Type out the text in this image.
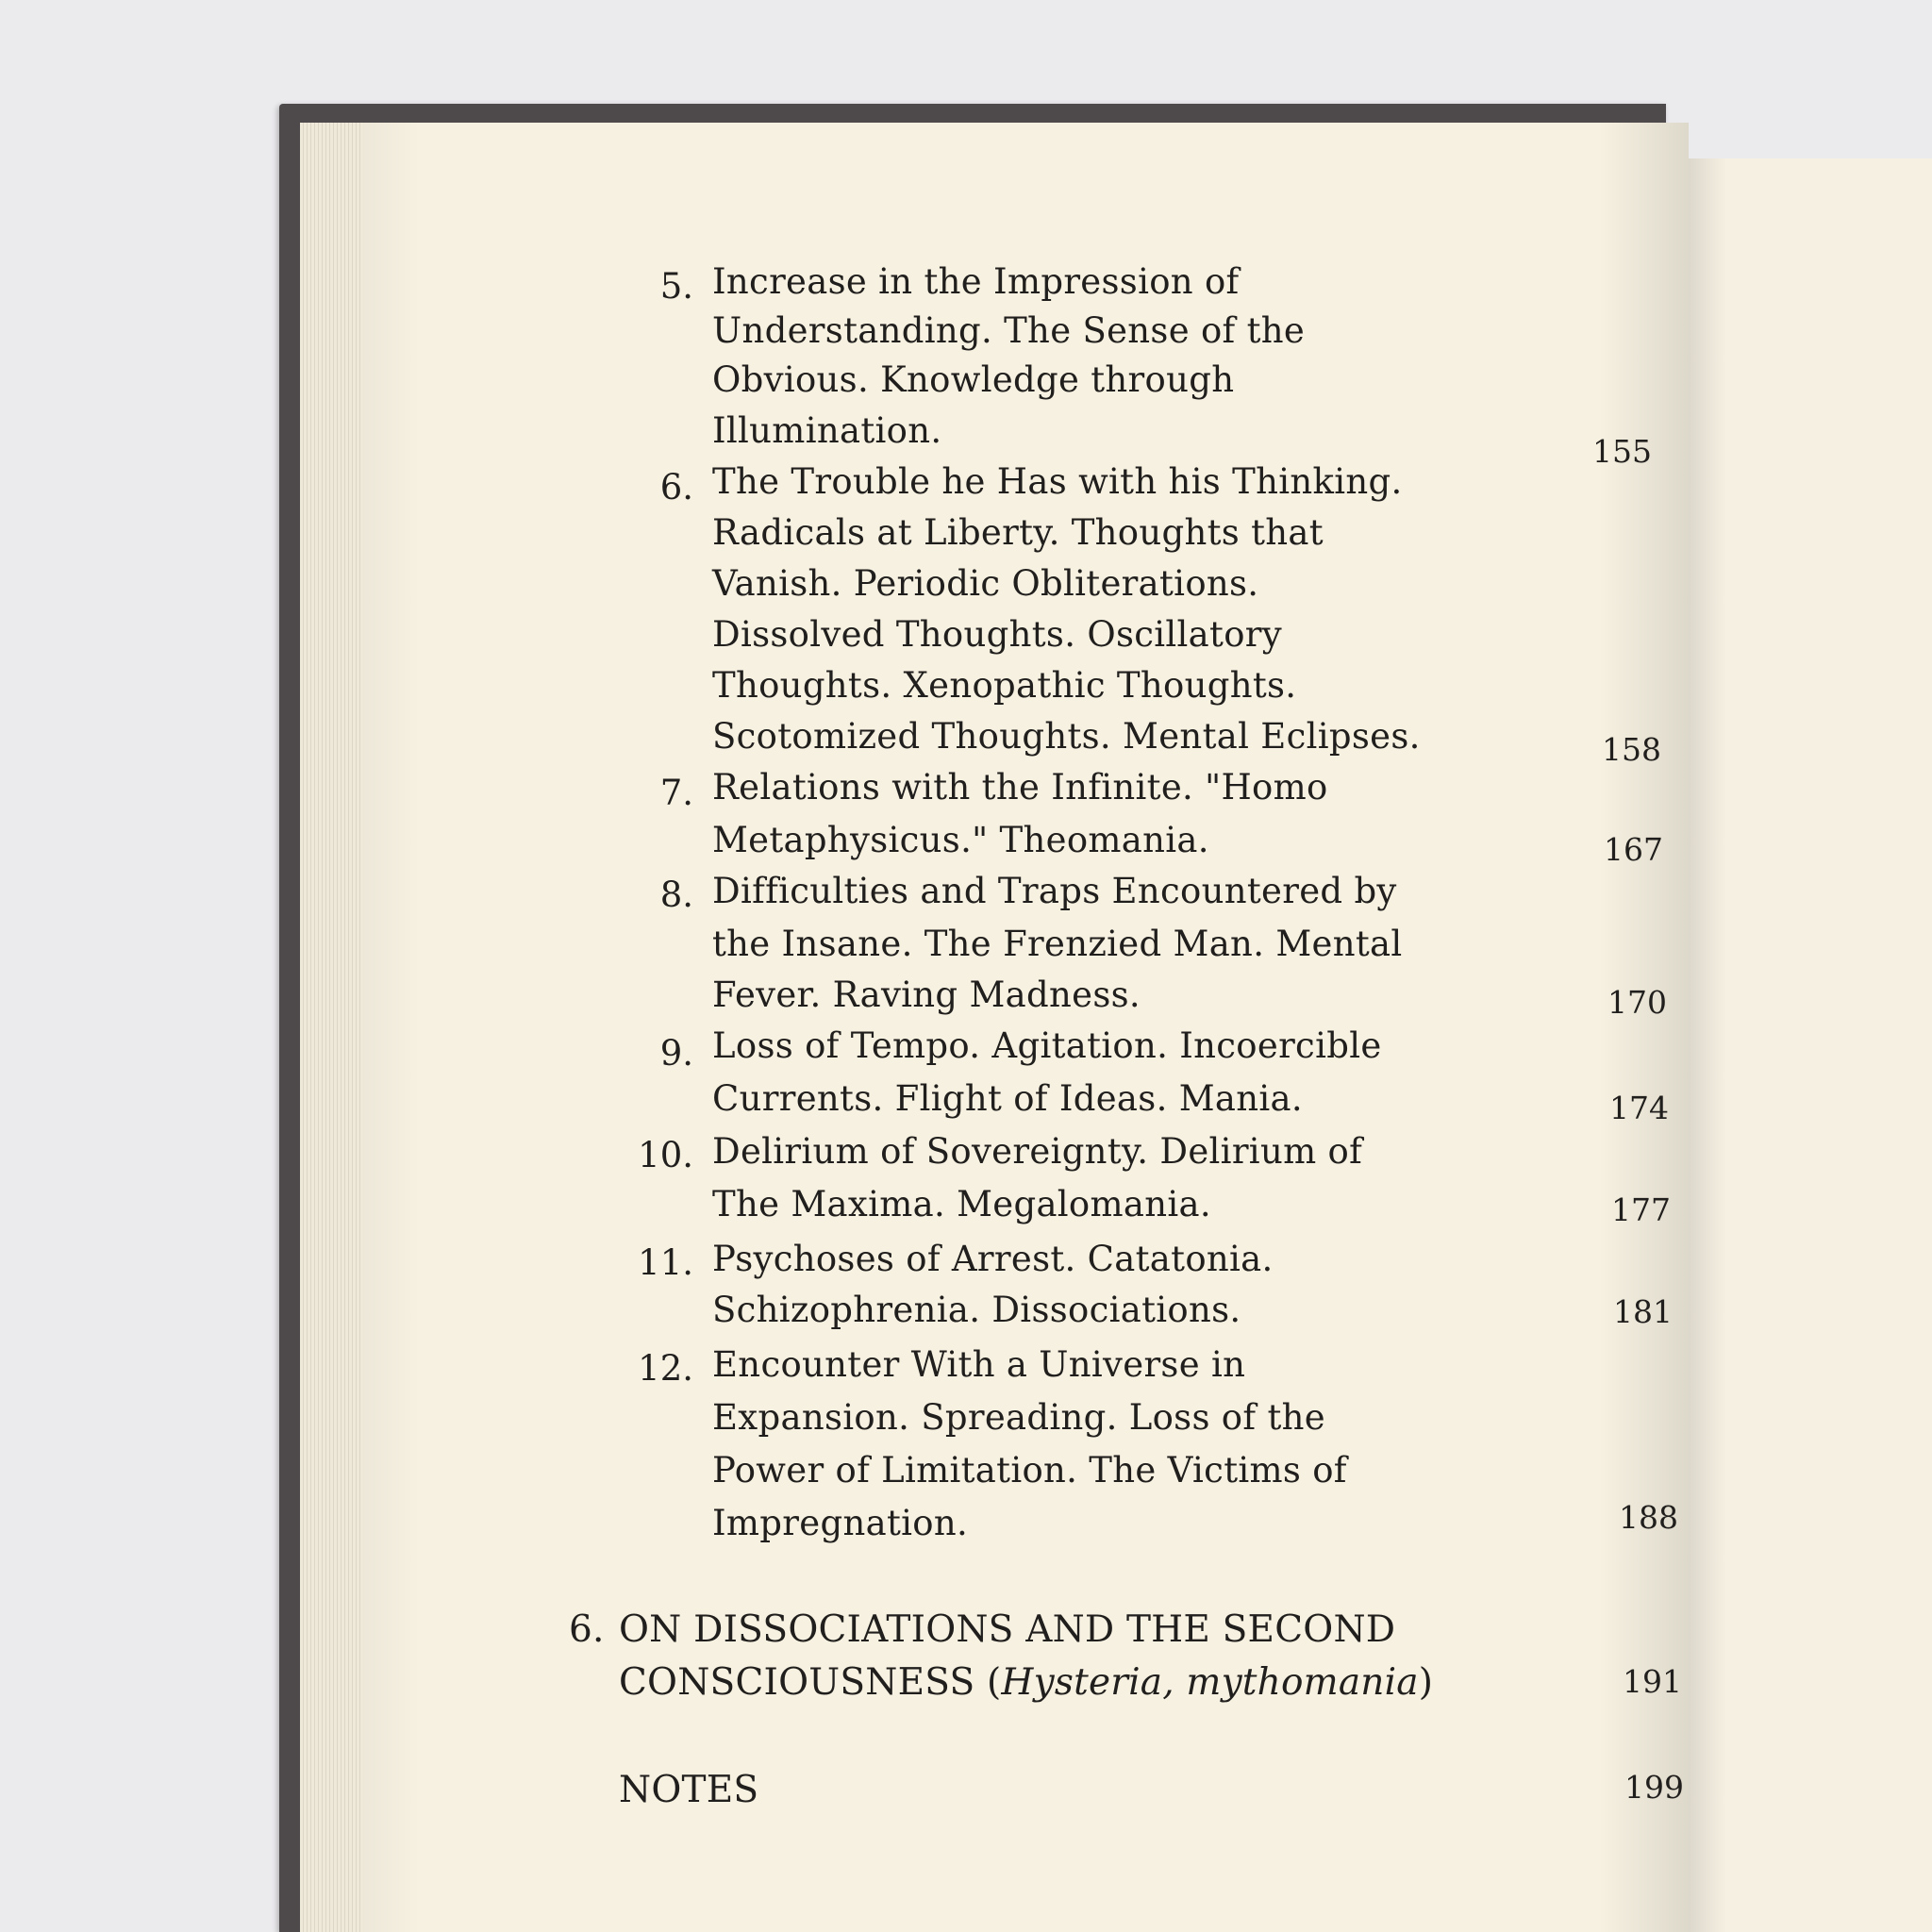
5. Increase in the Impression of
Understanding. The Sense of the
Obvious. Knowledge through
Illumination.
155
6. The Trouble he Has with his Thinking.
Radicals at Liberty. Thoughts that
Vanish. Periodic Obliterations.
Dissolved Thoughts. Oscillatory
Thoughts. Xenopathic Thoughts.
Scotomized Thoughts. Mental Eclipses.	158
7. Relations with the Infinite. "Homo
Metaphysicus." Theomania.	167
8. Difficulties and Traps Encountered by
the Insane. The Frenzied Man. Mental
Fever. Raving Madness.	170
9. Loss of Tempo. Agitation. Incoercible
Currents. Flight of Ideas. Mania.	174
10. Delirium of Sovereignty. Delirium of
The Maxima. Megalomania.	177
11. Psychoses of Arrest. Catatonia.
Schizophrenia. Dissociations.	181
12. Encounter With a Universe in
Expansion. Spreading. Loss of the
Power of Limitation. The Victims of
Impregnation.	188
6. ON DISSOCIATIONS AND THE SECOND
CONSCIOUSNESS (Hysteria, mythomania)	191
NOTES	199
